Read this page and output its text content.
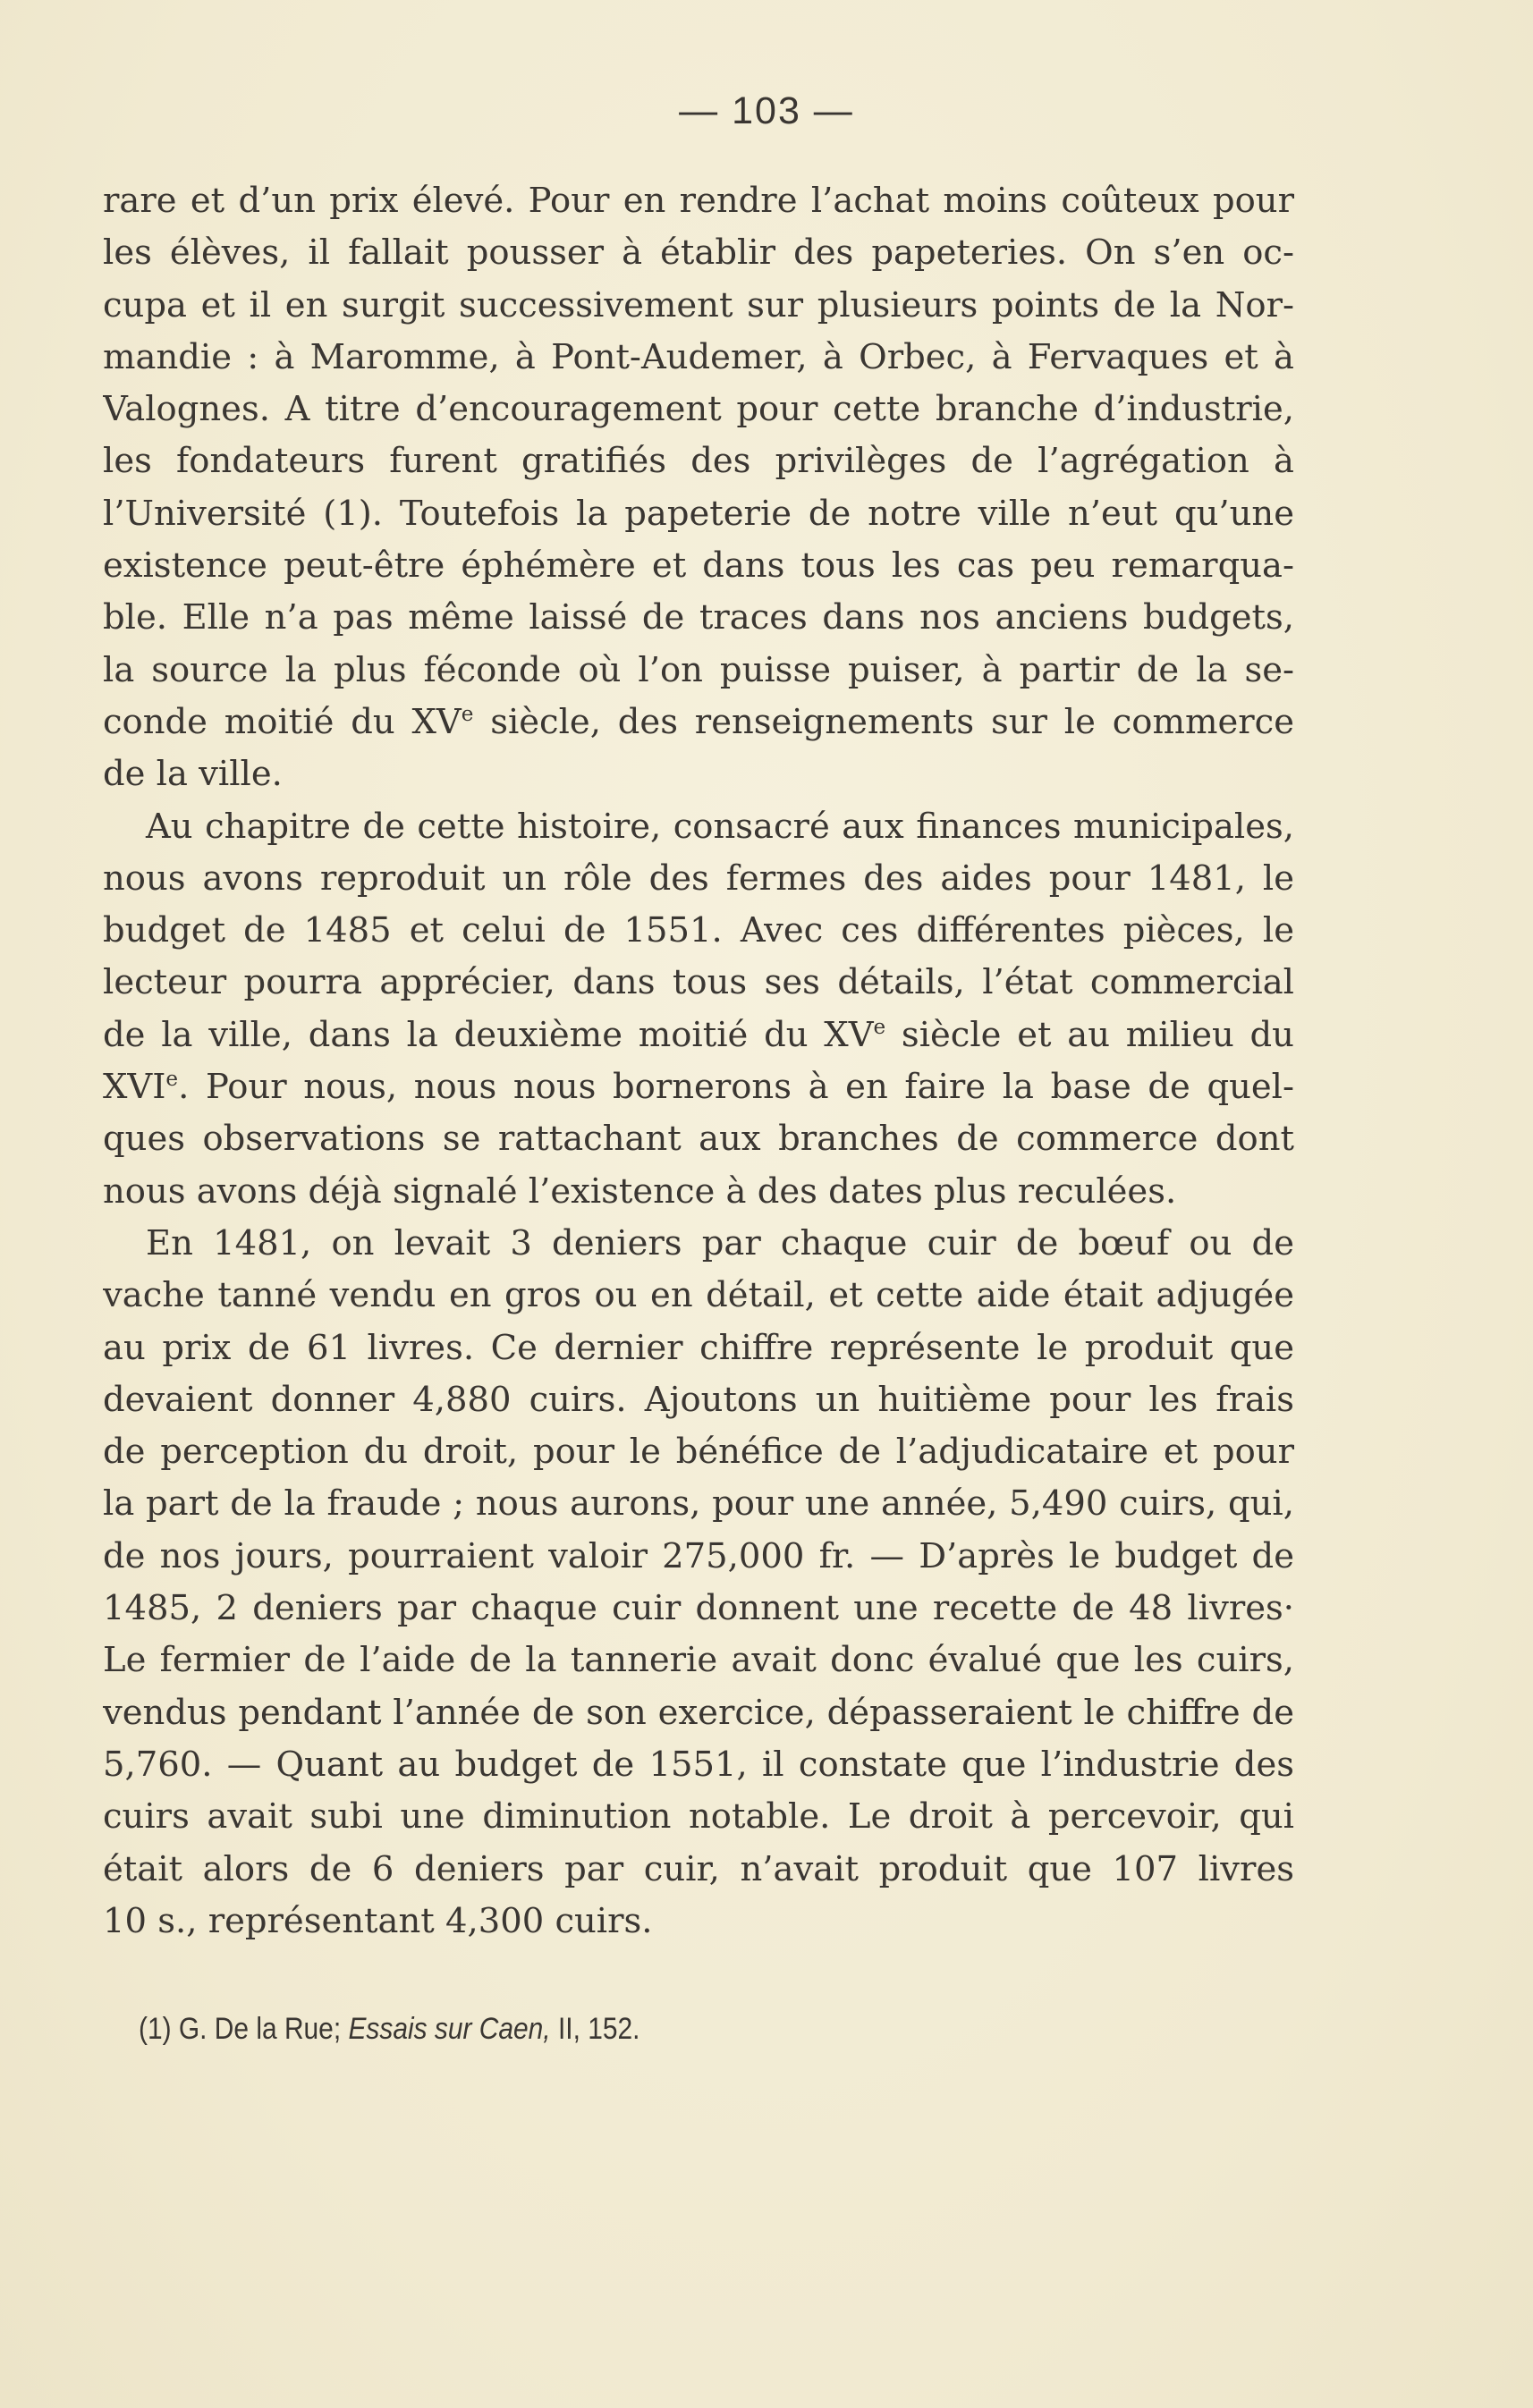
— 103 —
rare et d’un prix élevé. Pour en rendre l’achat moins coûteux pour
les élèves, il fallait pousser à établir des papeteries. On s’en oc-
cupa et il en surgit successivement sur plusieurs points de la Nor-
mandie : à Maromme, à Pont-Audemer, à Orbec, à Fervaques et à
Valognes. A titre d’encouragement pour cette branche d’industrie,
les fondateurs furent gratifiés des privilèges de l’agrégation à
l’Université (1). Toutefois la papeterie de notre ville n’eut qu’une
existence peut-être éphémère et dans tous les cas peu remarqua-
ble. Elle n’a pas même laissé de traces dans nos anciens budgets,
la source la plus féconde où l’on puisse puiser, à partir de la se-
conde moitié du XVe siècle, des renseignements sur le commerce
de la ville.
Au chapitre de cette histoire, consacré aux finances municipales,
nous avons reproduit un rôle des fermes des aides pour 1481, le
budget de 1485 et celui de 1551. Avec ces différentes pièces, le
lecteur pourra apprécier, dans tous ses détails, l’état commercial
de la ville, dans la deuxième moitié du XVe siècle et au milieu du
XVIe. Pour nous, nous nous bornerons à en faire la base de quel-
ques observations se rattachant aux branches de commerce dont
nous avons déjà signalé l’existence à des dates plus reculées.
En 1481, on levait 3 deniers par chaque cuir de bœuf ou de
vache tanné vendu en gros ou en détail, et cette aide était adjugée
au prix de 61 livres. Ce dernier chiffre représente le produit que
devaient donner 4,880 cuirs. Ajoutons un huitième pour les frais
de perception du droit, pour le bénéfice de l’adjudicataire et pour
la part de la fraude ; nous aurons, pour une année, 5,490 cuirs, qui,
de nos jours, pourraient valoir 275,000 fr. — D’après le budget de
1485, 2 deniers par chaque cuir donnent une recette de 48 livres·
Le fermier de l’aide de la tannerie avait donc évalué que les cuirs,
vendus pendant l’année de son exercice, dépasseraient le chiffre de
5,760. — Quant au budget de 1551, il constate que l’industrie des
cuirs avait subi une diminution notable. Le droit à percevoir, qui
était alors de 6 deniers par cuir, n’avait produit que 107 livres
10 s., représentant 4,300 cuirs.
(1) G. De la Rue; Essais sur Caen, II, 152.
